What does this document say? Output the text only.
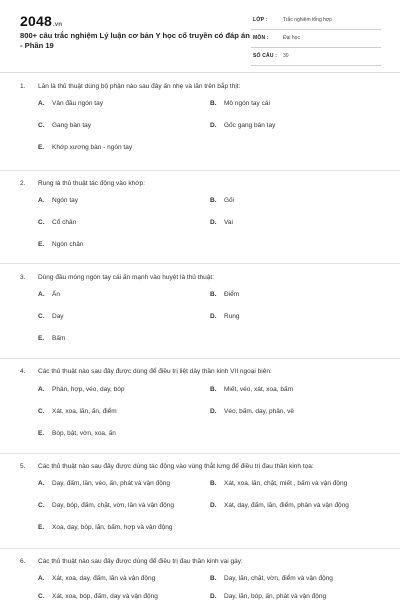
2048.vn
800+ câu trắc nghiệm Lý luận cơ bản Y học cổ truyền có đáp án - Phần 19
LỚP :	Trắc nghiệm tổng hợp
MÔN :	Đại học
SỐ CÂU : 30
1. Lăn là thủ thuật dùng bộ phận nào sau đây ấn nhẹ và lăn trên bắp thịt:
A. Vân đầu ngón tay	B. Mô ngón tay cái
C. Gang bàn tay	D. Gốc gang bàn tay
E. Khớp xương bàn - ngón tay
2. Rung là thủ thuật tác động vào khớp:
A. Ngón tay	B. Gối
C. Cổ chân	D. Vai
E. Ngón chân
3. Dùng đầu móng ngón tay cái ấn mạnh vào huyệt là thủ thuật:
A. Ấn	B. Điểm
C. Day	D. Rung
E. Bấm
4. Các thủ thuật nào sau đây được dùng để điều trị liệt dây thần kinh VII ngoại biên:
A. Phân, hợp, véo, day, bóp	B. Miết, véo, xát, xoa, bấm
C. Xát, xoa, lăn, ấn, điểm	D. Véo, bấm, day, phân, vê
E. Bóp, bật, vờn, xoa, ấn
5. Các thủ thuật nào sau đây được dùng tác động vào vùng thắt lưng để điều trị đau thần kinh tọa:
A. Day, đấm, lăn, véo, ấn, phát và vận động	B. Xát, xoa, lăn, chặt, miết , bấm và vận động
C. Day, bóp, đấm, chặt, vờn, lăn và vận động	D. Xát, day, đấm, lăn, điểm, phân và vận động
E. Xoa, day, bóp, lăn, bấm, hợp và vận động
6. Các thủ thuật nào sau đây được dùng để điều trị đau thần kinh vai gáy:
A. Xát, xoa, day, đấm, lăn và vận động	B. Day, lăn, chặt, vờn, điểm và vận động
C. Xát, xoa, bóp, đấm, day và vận động	D. Day, lăn, bóp, ấn, phát và vận động
